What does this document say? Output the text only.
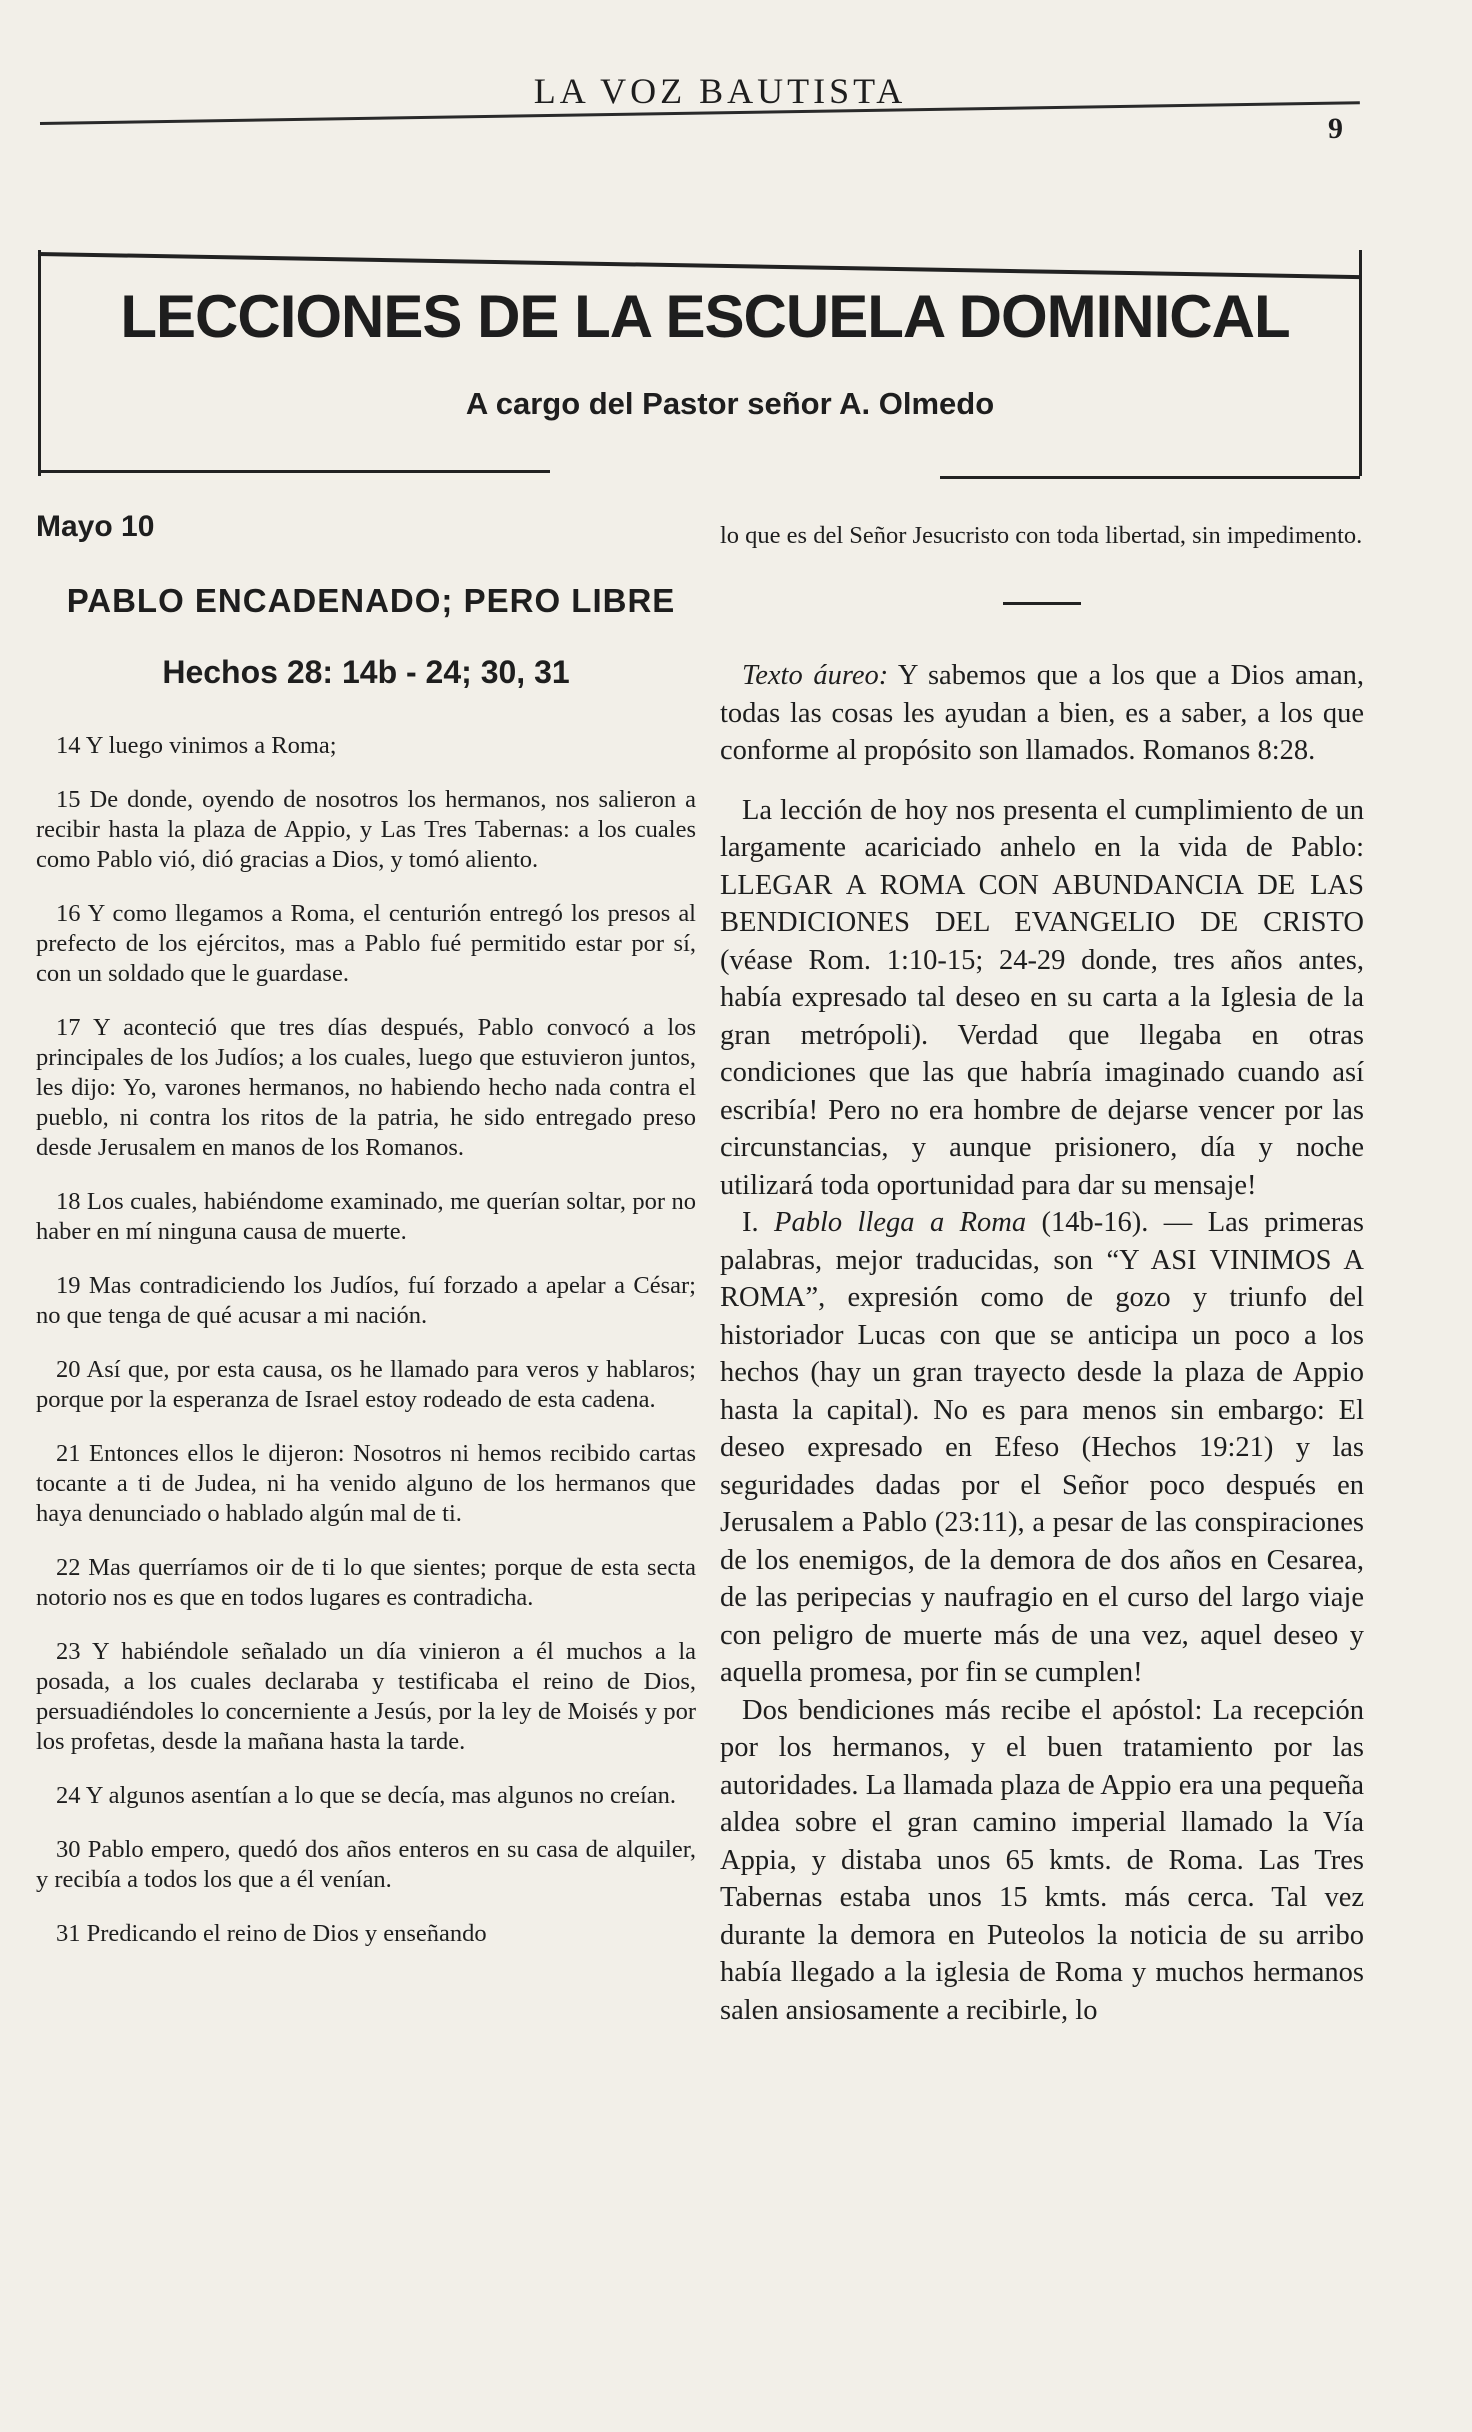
LA VOZ BAUTISTA
9
LECCIONES DE LA ESCUELA DOMINICAL
A cargo del Pastor señor A. Olmedo
Mayo 10
PABLO ENCADENADO; PERO LIBRE
Hechos 28: 14b - 24; 30, 31

14 Y luego vinimos a Roma;

15 De donde, oyendo de nosotros los hermanos, nos salieron a recibir hasta la plaza de Appio, y Las Tres Tabernas: a los cuales como Pablo vió, dió gracias a Dios, y tomó aliento.

16 Y como llegamos a Roma, el centurión entregó los presos al prefecto de los ejércitos, mas a Pablo fué permitido estar por sí, con un soldado que le guardase.

17 Y aconteció que tres días después, Pablo convocó a los principales de los Judíos; a los cuales, luego que estuvieron juntos, les dijo: Yo, varones hermanos, no habiendo hecho nada contra el pueblo, ni contra los ritos de la patria, he sido entregado preso desde Jerusalem en manos de los Romanos.

18 Los cuales, habiéndome examinado, me querían soltar, por no haber en mí ninguna causa de muerte.

19 Mas contradiciendo los Judíos, fuí forzado a apelar a César; no que tenga de qué acusar a mi nación.

20 Así que, por esta causa, os he llamado para veros y hablaros; porque por la esperanza de Israel estoy rodeado de esta cadena.

21 Entonces ellos le dijeron: Nosotros ni hemos recibido cartas tocante a ti de Judea, ni ha venido alguno de los hermanos que haya denunciado o hablado algún mal de ti.

22 Mas querríamos oir de ti lo que sientes; porque de esta secta notorio nos es que en todos lugares es contradicha.

23 Y habiéndole señalado un día vinieron a él muchos a la posada, a los cuales declaraba y testificaba el reino de Dios, persuadiéndoles lo concerniente a Jesús, por la ley de Moisés y por los profetas, desde la mañana hasta la tarde.

24 Y algunos asentían a lo que se decía, mas algunos no creían.

30 Pablo empero, quedó dos años enteros en su casa de alquiler, y recibía a todos los que a él venían.

31 Predicando el reino de Dios y enseñando

lo que es del Señor Jesucristo con toda libertad, sin impedimento.

Texto áureo: Y sabemos que a los que a Dios aman, todas las cosas les ayudan a bien, es a saber, a los que conforme al propósito son llamados. Romanos 8:28.

La lección de hoy nos presenta el cumplimiento de un largamente acariciado anhelo en la vida de Pablo: LLEGAR A ROMA CON ABUNDANCIA DE LAS BENDICIONES DEL EVANGELIO DE CRISTO (véase Rom. 1:10-15; 24-29 donde, tres años antes, había expresado tal deseo en su carta a la Iglesia de la gran metrópoli). Verdad que llegaba en otras condiciones que las que habría imaginado cuando así escribía! Pero no era hombre de dejarse vencer por las circunstancias, y aunque prisionero, día y noche utilizará toda oportunidad para dar su mensaje!

I. Pablo llega a Roma (14b-16). — Las primeras palabras, mejor traducidas, son “Y ASI VINIMOS A ROMA”, expresión como de gozo y triunfo del historiador Lucas con que se anticipa un poco a los hechos (hay un gran trayecto desde la plaza de Appio hasta la capital). No es para menos sin embargo: El deseo expresado en Efeso (Hechos 19:21) y las seguridades dadas por el Señor poco después en Jerusalem a Pablo (23:11), a pesar de las conspiraciones de los enemigos, de la demora de dos años en Cesarea, de las peripecias y naufragio en el curso del largo viaje con peligro de muerte más de una vez, aquel deseo y aquella promesa, por fin se cumplen!

Dos bendiciones más recibe el apóstol: La recepción por los hermanos, y el buen tratamiento por las autoridades. La llamada plaza de Appio era una pequeña aldea sobre el gran camino imperial llamado la Vía Appia, y distaba unos 65 kmts. de Roma. Las Tres Tabernas estaba unos 15 kmts. más cerca. Tal vez durante la demora en Puteolos la noticia de su arribo había llegado a la iglesia de Roma y muchos hermanos salen ansiosamente a recibirle, lo
